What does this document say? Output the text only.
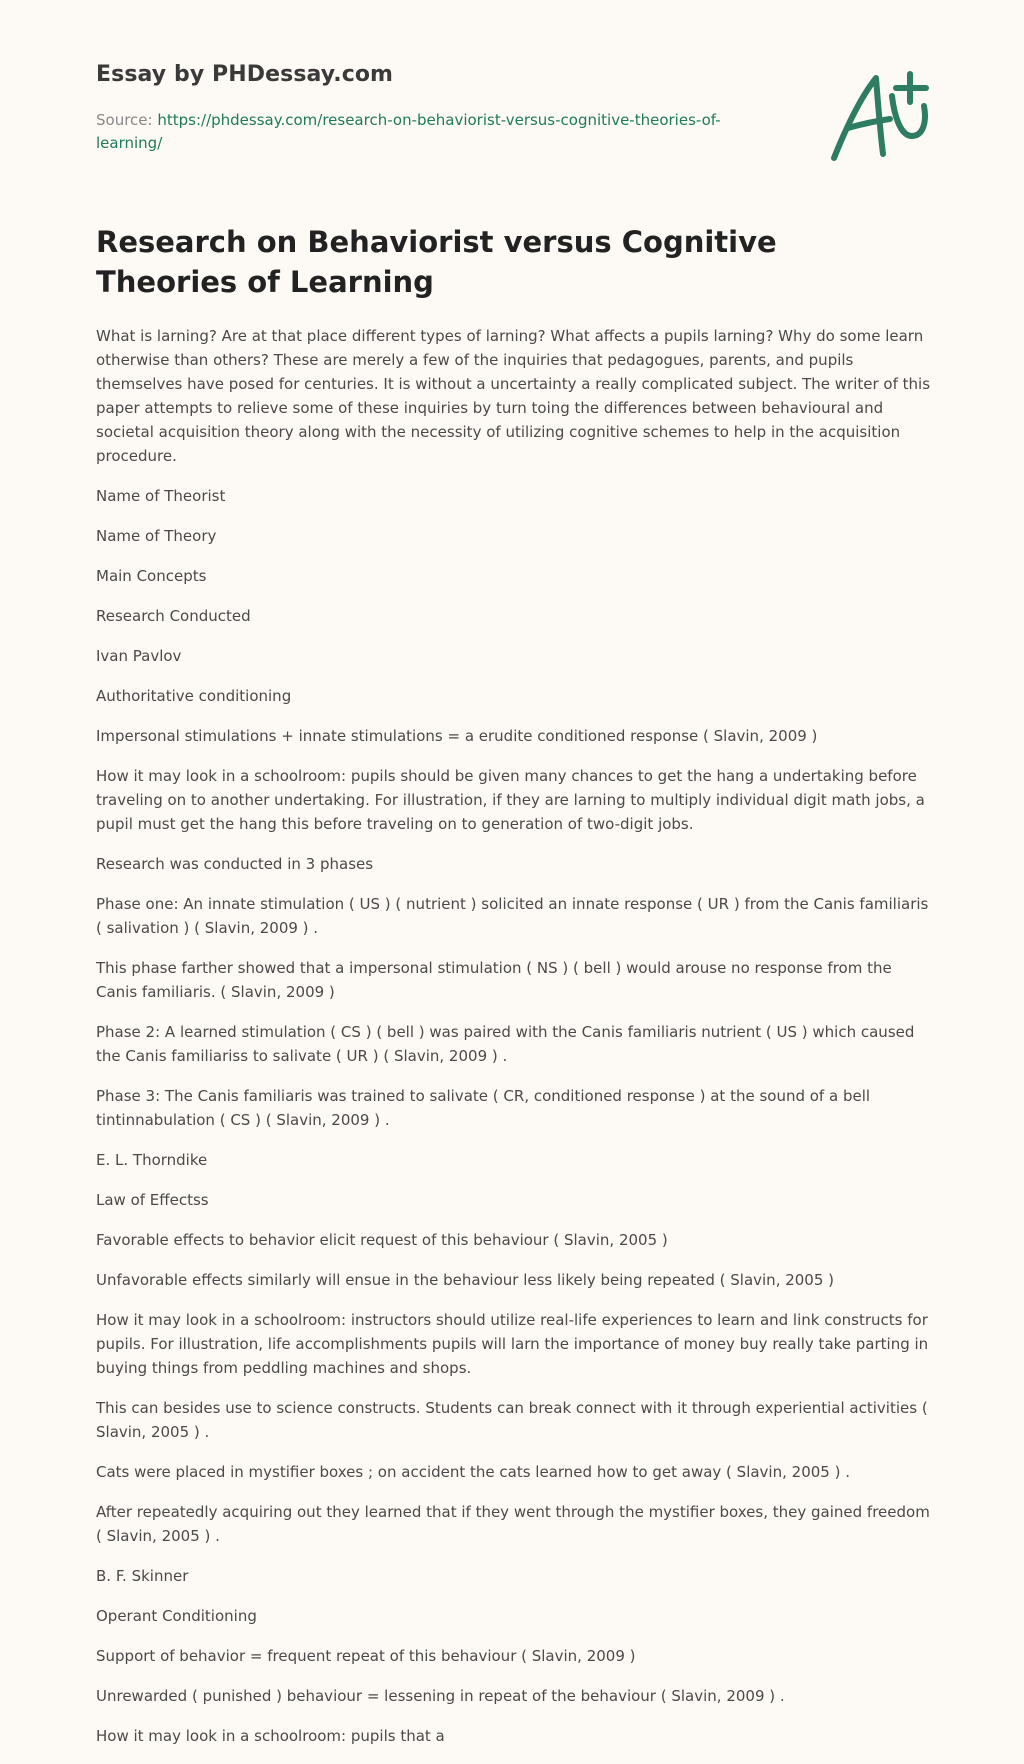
Essay by PHDessay.com
Source: https://phdessay.com/research-on-behaviorist-versus-cognitive-theories-of-learning/
Research on Behaviorist versus Cognitive Theories of Learning

What is larning? Are at that place different types of larning? What affects a pupils larning? Why do some learn otherwise than others? These are merely a few of the inquiries that pedagogues, parents, and pupils themselves have posed for centuries. It is without a uncertainty a really complicated subject. The writer of this paper attempts to relieve some of these inquiries by turn toing the differences between behavioural and societal acquisition theory along with the necessity of utilizing cognitive schemes to help in the acquisition procedure.

Name of Theorist

Name of Theory

Main Concepts

Research Conducted

Ivan Pavlov

Authoritative conditioning

Impersonal stimulations + innate stimulations = a erudite conditioned response ( Slavin, 2009 )

How it may look in a schoolroom: pupils should be given many chances to get the hang a undertaking before traveling on to another undertaking. For illustration, if they are larning to multiply individual digit math jobs, a pupil must get the hang this before traveling on to generation of two-digit jobs.

Research was conducted in 3 phases

Phase one: An innate stimulation ( US ) ( nutrient ) solicited an innate response ( UR ) from the Canis familiaris ( salivation ) ( Slavin, 2009 ) .

This phase farther showed that a impersonal stimulation ( NS ) ( bell ) would arouse no response from the Canis familiaris. ( Slavin, 2009 )

Phase 2: A learned stimulation ( CS ) ( bell ) was paired with the Canis familiaris nutrient ( US ) which caused the Canis familiariss to salivate ( UR ) ( Slavin, 2009 ) .

Phase 3: The Canis familiaris was trained to salivate ( CR, conditioned response ) at the sound of a bell tintinnabulation ( CS ) ( Slavin, 2009 ) .

E. L. Thorndike

Law of Effectss

Favorable effects to behavior elicit request of this behaviour ( Slavin, 2005 )

Unfavorable effects similarly will ensue in the behaviour less likely being repeated ( Slavin, 2005 )

How it may look in a schoolroom: instructors should utilize real-life experiences to learn and link constructs for pupils. For illustration, life accomplishments pupils will larn the importance of money buy really take parting in buying things from peddling machines and shops.

This can besides use to science constructs. Students can break connect with it through experiential activities ( Slavin, 2005 ) .

Cats were placed in mystifier boxes ; on accident the cats learned how to get away ( Slavin, 2005 ) .

After repeatedly acquiring out they learned that if they went through the mystifier boxes, they gained freedom ( Slavin, 2005 ) .

B. F. Skinner

Operant Conditioning

Support of behavior = frequent repeat of this behaviour ( Slavin, 2009 )

Unrewarded ( punished ) behaviour = lessening in repeat of the behaviour ( Slavin, 2009 ) .

How it may look in a schoolroom: pupils that a
